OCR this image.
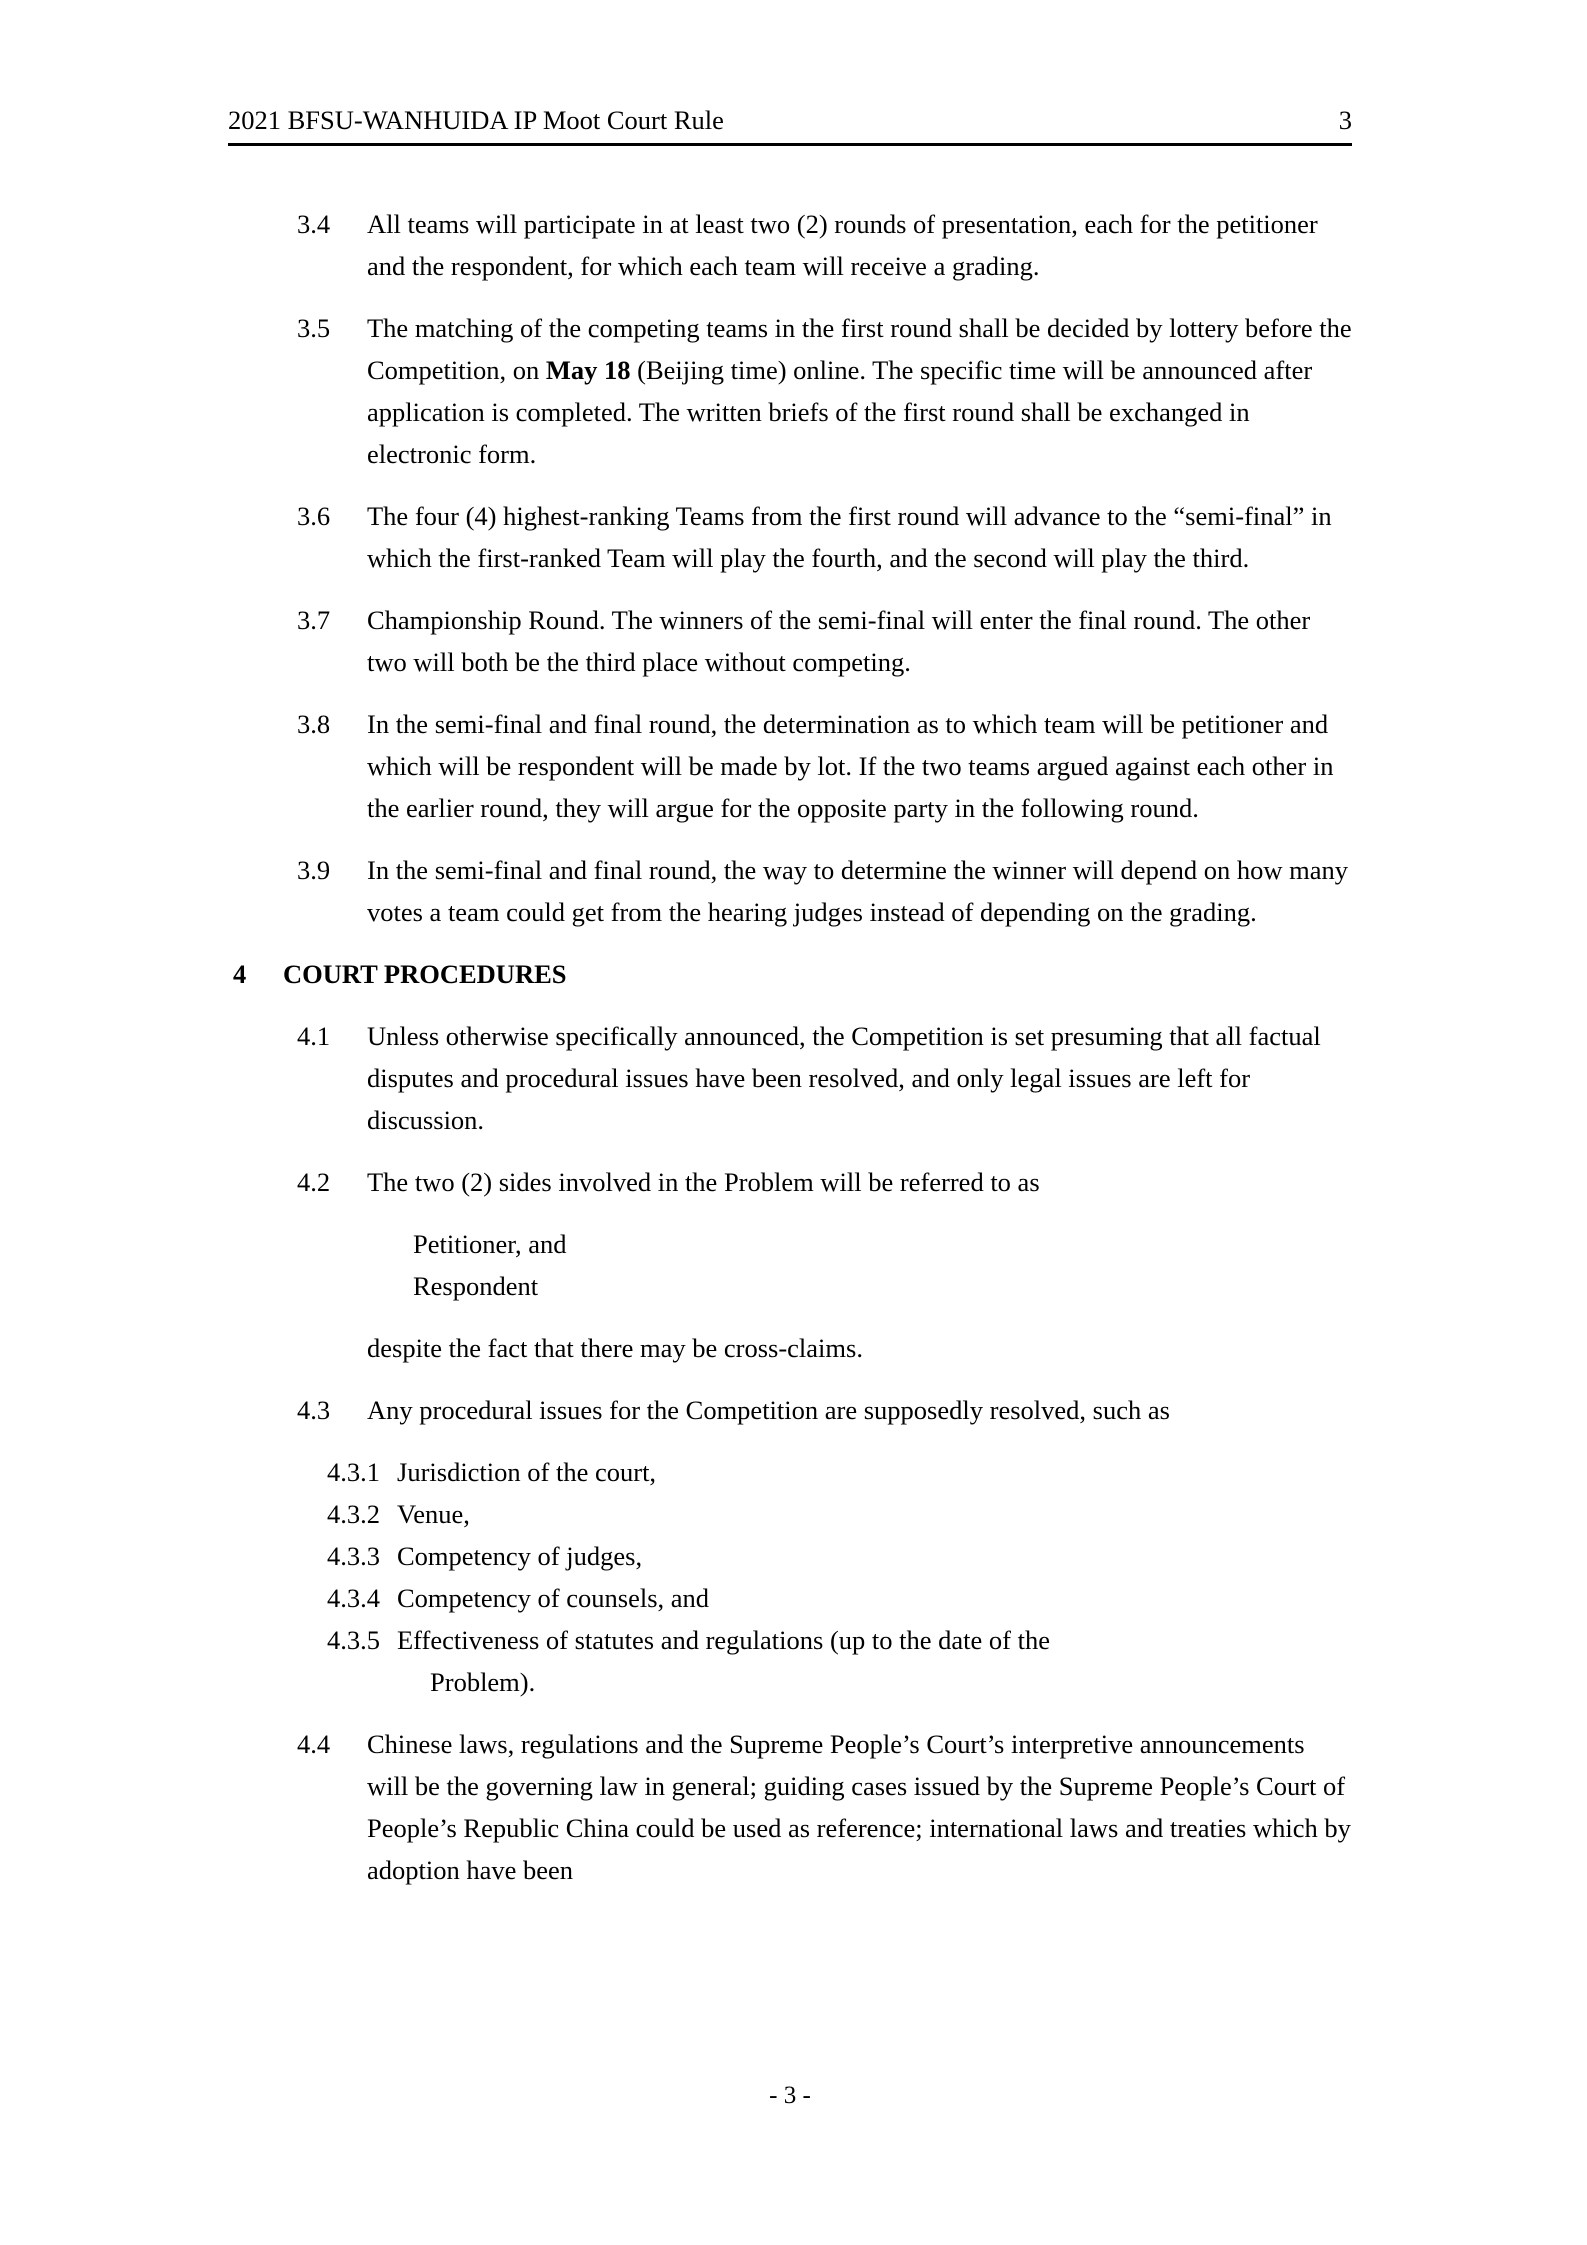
2021 BFSU-WANHUIDA IP Moot Court Rule	3
3.4	All teams will participate in at least two (2) rounds of presentation, each for the petitioner and the respondent, for which each team will receive a grading.
3.5	The matching of the competing teams in the first round shall be decided by lottery before the Competition, on May 18 (Beijing time) online. The specific time will be announced after application is completed. The written briefs of the first round shall be exchanged in electronic form.
3.6	The four (4) highest-ranking Teams from the first round will advance to the “semi-final” in which the first-ranked Team will play the fourth, and the second will play the third.
3.7	Championship Round. The winners of the semi-final will enter the final round. The other two will both be the third place without competing.
3.8	In the semi-final and final round, the determination as to which team will be petitioner and which will be respondent will be made by lot. If the two teams argued against each other in the earlier round, they will argue for the opposite party in the following round.
3.9	In the semi-final and final round, the way to determine the winner will depend on how many votes a team could get from the hearing judges instead of depending on the grading.
4	COURT PROCEDURES
4.1	Unless otherwise specifically announced, the Competition is set presuming that all factual disputes and procedural issues have been resolved, and only legal issues are left for discussion.
4.2	The two (2) sides involved in the Problem will be referred to as
Petitioner, and
Respondent
despite the fact that there may be cross-claims.
4.3	Any procedural issues for the Competition are supposedly resolved, such as
4.3.1 Jurisdiction of the court,
4.3.2 Venue,
4.3.3 Competency of judges,
4.3.4 Competency of counsels, and
4.3.5 Effectiveness of statutes and regulations (up to the date of the
Problem).
4.4	Chinese laws, regulations and the Supreme People’s Court’s interpretive announcements will be the governing law in general; guiding cases issued by the Supreme People’s Court of People’s Republic China could be used as reference; international laws and treaties which by adoption have been
- 3 -
